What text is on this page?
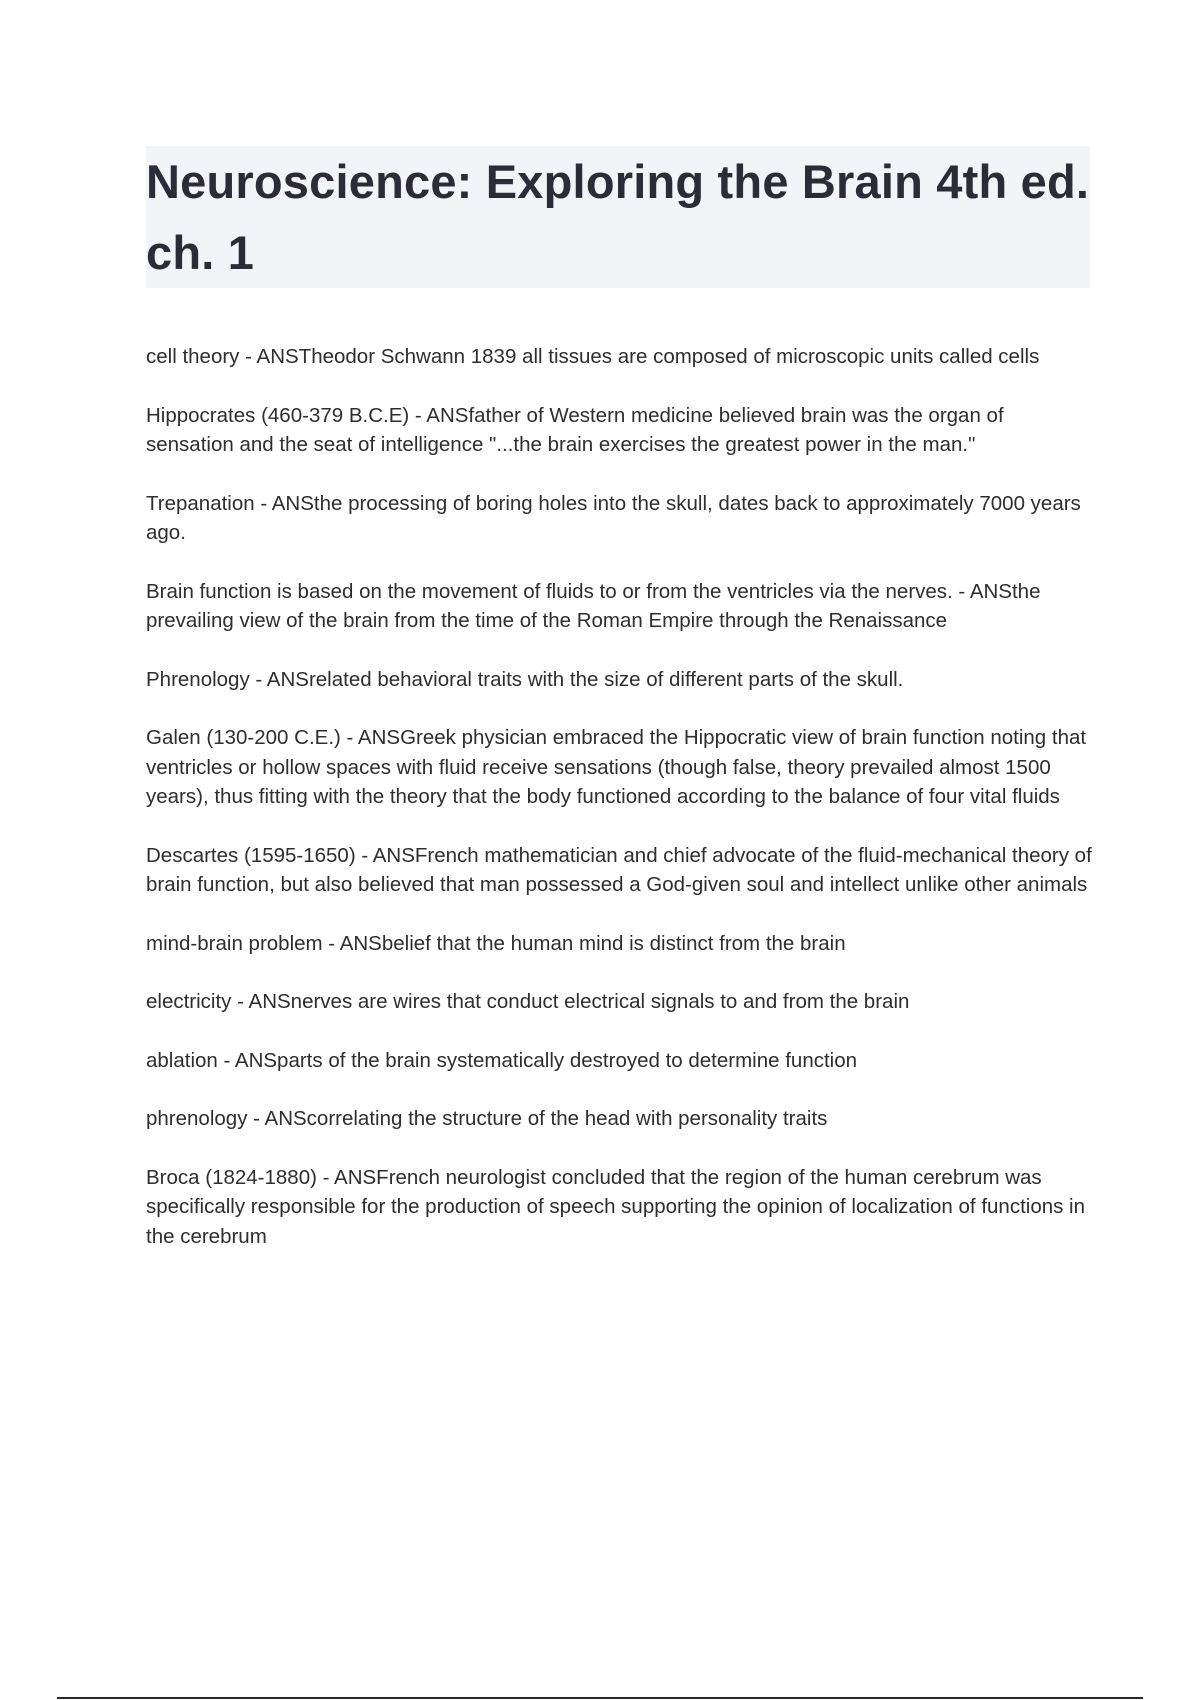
Neuroscience: Exploring the Brain 4th ed. ch. 1

cell theory - ANSTheodor Schwann 1839 all tissues are composed of microscopic units called cells

Hippocrates (460-379 B.C.E) - ANSfather of Western medicine believed brain was the organ of sensation and the seat of intelligence "...the brain exercises the greatest power in the man."

Trepanation - ANSthe processing of boring holes into the skull, dates back to approximately 7000 years ago.

Brain function is based on the movement of fluids to or from the ventricles via the nerves. - ANSthe prevailing view of the brain from the time of the Roman Empire through the Renaissance

Phrenology - ANSrelated behavioral traits with the size of different parts of the skull.

Galen (130-200 C.E.) - ANSGreek physician embraced the Hippocratic view of brain function noting that ventricles or hollow spaces with fluid receive sensations (though false, theory prevailed almost 1500 years), thus fitting with the theory that the body functioned according to the balance of four vital fluids

Descartes (1595-1650) - ANSFrench mathematician and chief advocate of the fluid-mechanical theory of brain function, but also believed that man possessed a God-given soul and intellect unlike other animals

mind-brain problem - ANSbelief that the human mind is distinct from the brain

electricity - ANSnerves are wires that conduct electrical signals to and from the brain

ablation - ANSparts of the brain systematically destroyed to determine function

phrenology - ANScorrelating the structure of the head with personality traits

Broca (1824-1880) - ANSFrench neurologist concluded that the region of the human cerebrum was specifically responsible for the production of speech supporting the opinion of localization of functions in the cerebrum
